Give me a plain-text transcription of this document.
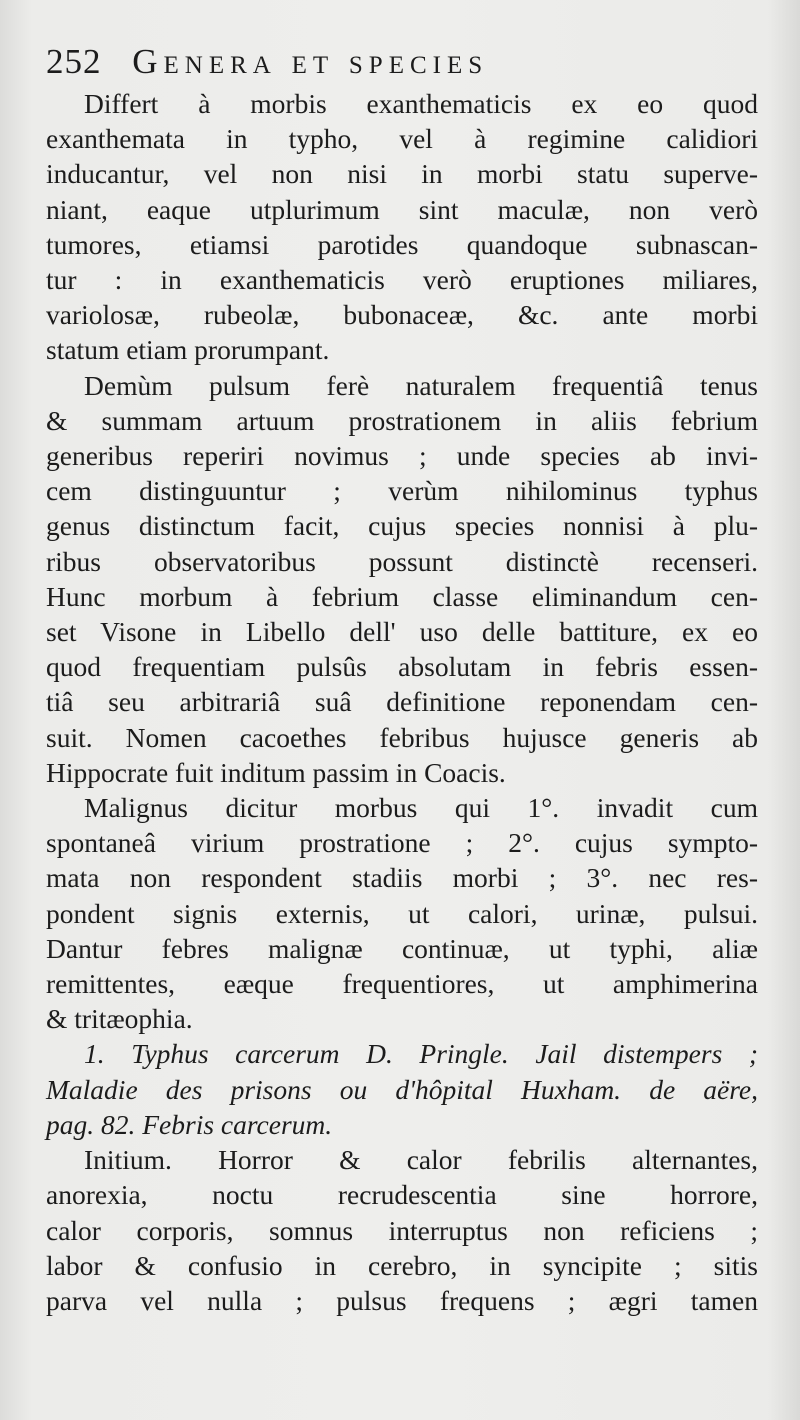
252 Genera et species

Differt à morbis exanthematicis ex eo quod
exanthemata in typho, vel à regimine calidiori
inducantur, vel non nisi in morbi statu superve-
niant, eaque utplurimum sint maculæ, non verò
tumores, etiamsi parotides quandoque subnascan-
tur : in exanthematicis verò eruptiones miliares,
variolosæ, rubeolæ, bubonaceæ, &c. ante morbi
statum etiam prorumpant.

Demùm pulsum ferè naturalem frequentiâ tenus
& summam artuum prostrationem in aliis febrium
generibus reperiri novimus ; unde species ab invi-
cem distinguuntur ; verùm nihilominus typhus
genus distinctum facit, cujus species nonnisi à plu-
ribus observatoribus possunt distinctè recenseri.
Hunc morbum à febrium classe eliminandum cen-
set Visone in Libello dell' uso delle battiture, ex eo
quod frequentiam pulsûs absolutam in febris essen-
tiâ seu arbitrariâ suâ definitione reponendam cen-
suit. Nomen cacoethes febribus hujusce generis ab
Hippocrate fuit inditum passim in Coacis.

Malignus dicitur morbus qui 1°. invadit cum
spontaneâ virium prostratione ; 2°. cujus sympto-
mata non respondent stadiis morbi ; 3°. nec res-
pondent signis externis, ut calori, urinæ, pulsui.
Dantur febres malignæ continuæ, ut typhi, aliæ
remittentes, eæque frequentiores, ut amphimerina
& tritæophia.

1. Typhus carcerum D. Pringle. Jail distempers ;
Maladie des prisons ou d'hôpital Huxham. de aëre,
pag. 82. Febris carcerum.

Initium. Horror & calor febrilis alternantes,
anorexia, noctu recrudescentia sine horrore,
calor corporis, somnus interruptus non reficiens ;
labor & confusio in cerebro, in syncipite ; sitis
parva vel nulla ; pulsus frequens ; ægri tamen
